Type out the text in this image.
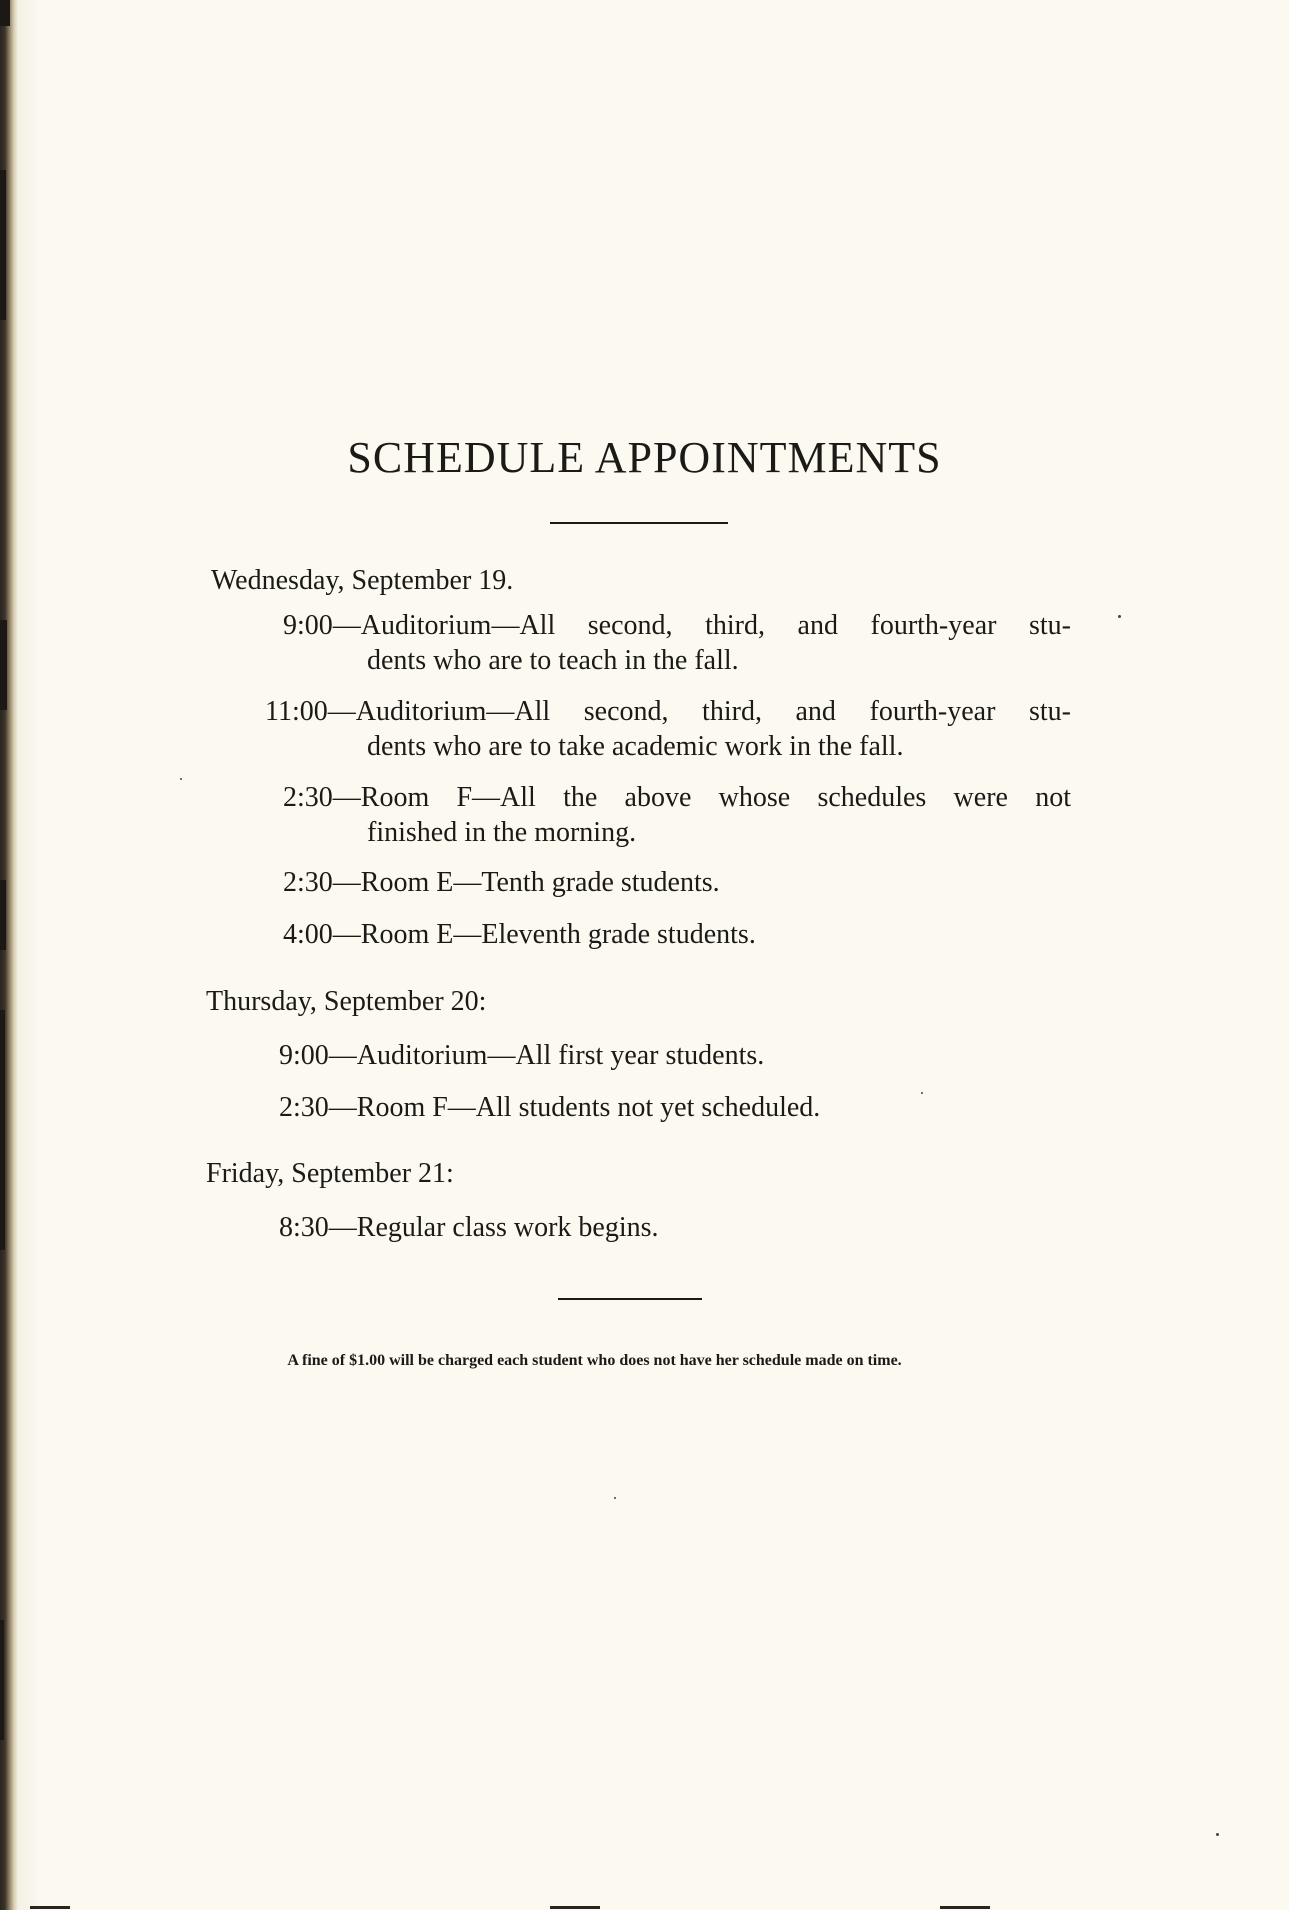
SCHEDULE APPOINTMENTS
Wednesday, September 19.
9:00—Auditorium—All second, third, and fourth-year stu-
dents who are to teach in the fall.
11:00—Auditorium—All second, third, and fourth-year stu-
dents who are to take academic work in the fall.
2:30—Room F—All the above whose schedules were not
finished in the morning.
2:30—Room E—Tenth grade students.
4:00—Room E—Eleventh grade students.
Thursday, September 20:
9:00—Auditorium—All first year students.
2:30—Room F—All students not yet scheduled.
Friday, September 21:
8:30—Regular class work begins.
A fine of $1.00 will be charged each student who does not have her schedule made on time.
